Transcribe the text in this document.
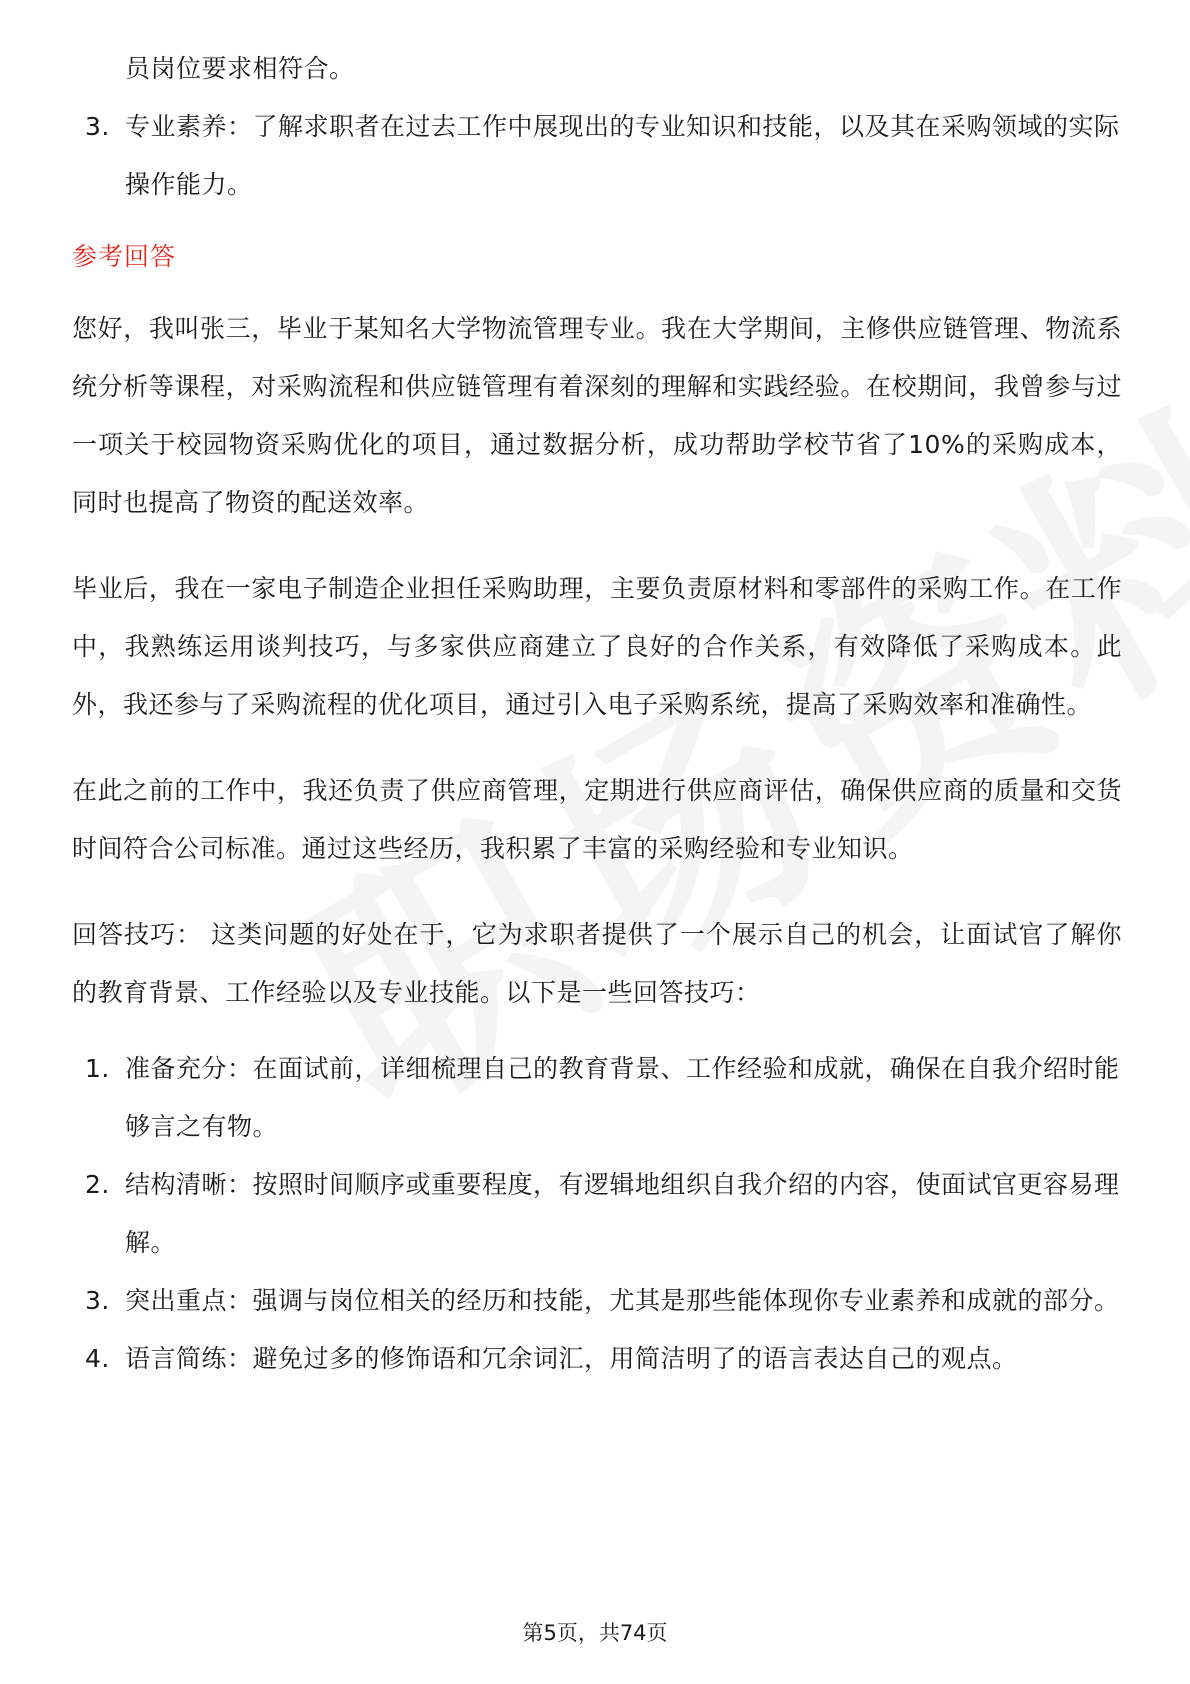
员岗位要求相符合。
3. 专业素养：了解求职者在过去工作中展现出的专业知识和技能，以及其在采购领域的实际操作能力。
参考回答

您好，我叫张三，毕业于某知名大学物流管理专业。我在大学期间，主修供应链管理、物流系统分析等课程，对采购流程和供应链管理有着深刻的理解和实践经验。在校期间，我曾参与过一项关于校园物资采购优化的项目，通过数据分析，成功帮助学校节省了10%的采购成本，同时也提高了物资的配送效率。

毕业后，我在一家电子制造企业担任采购助理，主要负责原材料和零部件的采购工作。在工作中，我熟练运用谈判技巧，与多家供应商建立了良好的合作关系，有效降低了采购成本。此外，我还参与了采购流程的优化项目，通过引入电子采购系统，提高了采购效率和准确性。

在此之前的工作中，我还负责了供应商管理，定期进行供应商评估，确保供应商的质量和交货时间符合公司标准。通过这些经历，我积累了丰富的采购经验和专业知识。

回答技巧： 这类问题的好处在于，它为求职者提供了一个展示自己的机会，让面试官了解你的教育背景、工作经验以及专业技能。以下是一些回答技巧：

1. 准备充分：在面试前，详细梳理自己的教育背景、工作经验和成就，确保在自我介绍时能够言之有物。
2. 结构清晰：按照时间顺序或重要程度，有逻辑地组织自我介绍的内容，使面试官更容易理解。
3. 突出重点：强调与岗位相关的经历和技能，尤其是那些能体现你专业素养和成就的部分。
4. 语言简练：避免过多的修饰语和冗余词汇，用简洁明了的语言表达自己的观点。
第5页，共74页
